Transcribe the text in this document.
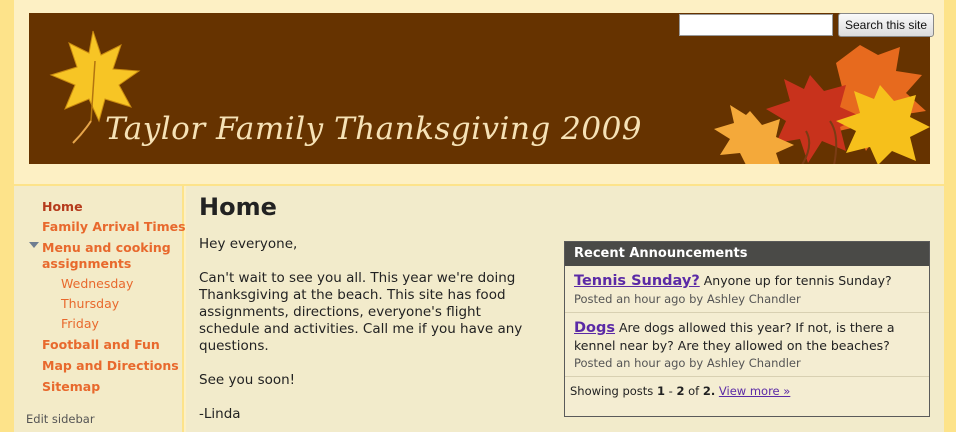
Taylor Family Thanksgiving 2009
Search this site
Home
Family Arrival Times
Menu and cooking assignments
Wednesday
Thursday
Friday
Football and Fun
Map and Directions
Sitemap
Edit sidebar
Home

Hey everyone,

Can't wait to see you all. This year we're doing Thanksgiving at the beach. This site has food assignments, directions, everyone's flight schedule and activities. Call me if you have any questions.

See you soon!

-Linda

Recent Announcements
Tennis Sunday? Anyone up for tennis Sunday?
Posted an hour ago by Ashley Chandler
Dogs Are dogs allowed this year? If not, is there a kennel near by? Are they allowed on the beaches?
Posted an hour ago by Ashley Chandler
Showing posts 1 - 2 of 2. View more »
